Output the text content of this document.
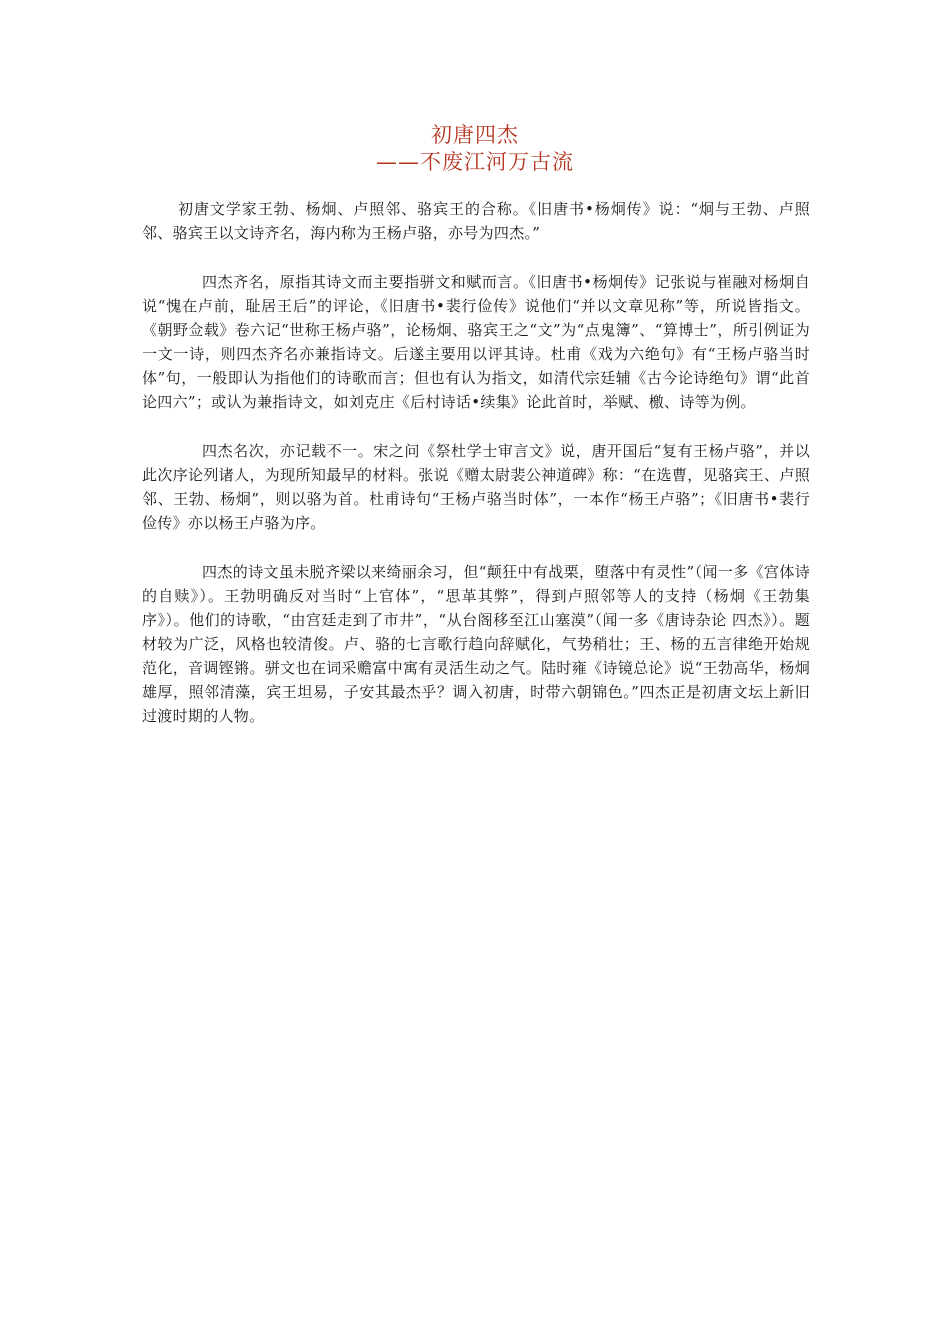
初唐四杰
——不废江河万古流

初唐文学家王勃、杨炯、卢照邻、骆宾王的合称。《旧唐书•杨炯传》说：“炯与王勃、卢照邻、骆宾王以文诗齐名，海内称为王杨卢骆，亦号为四杰。”

四杰齐名，原指其诗文而主要指骈文和赋而言。《旧唐书•杨炯传》记张说与崔融对杨炯自说“愧在卢前，耻居王后”的评论，《旧唐书•裴行俭传》说他们“并以文章见称”等，所说皆指文。《朝野佥载》卷六记“世称王杨卢骆”，论杨炯、骆宾王之“文”为“点鬼簿”、“算博士”，所引例证为一文一诗，则四杰齐名亦兼指诗文。后遂主要用以评其诗。杜甫《戏为六绝句》有“王杨卢骆当时体”句，一般即认为指他们的诗歌而言；但也有认为指文，如清代宗廷辅《古今论诗绝句》谓“此首论四六”；或认为兼指诗文，如刘克庄《后村诗话•续集》论此首时，举赋、檄、诗等为例。

四杰名次，亦记载不一。宋之问《祭杜学士审言文》说，唐开国后“复有王杨卢骆”，并以此次序论列诸人，为现所知最早的材料。张说《赠太尉裴公神道碑》称：“在选曹，见骆宾王、卢照邻、王勃、杨炯”，则以骆为首。杜甫诗句“王杨卢骆当时体”，一本作“杨王卢骆”；《旧唐书•裴行俭传》亦以杨王卢骆为序。

四杰的诗文虽未脱齐梁以来绮丽余习，但“颠狂中有战栗，堕落中有灵性”（闻一多《宫体诗的自赎》）。王勃明确反对当时“上官体”，“思革其弊”，得到卢照邻等人的支持（杨炯《王勃集序》）。他们的诗歌，“由宫廷走到了市井”，“从台阁移至江山塞漠”（闻一多《唐诗杂论 四杰》）。题材较为广泛，风格也较清俊。卢、骆的七言歌行趋向辞赋化，气势稍壮；王、杨的五言律绝开始规范化，音调铿锵。骈文也在词采赡富中寓有灵活生动之气。陆时雍《诗镜总论》说“王勃高华，杨炯雄厚，照邻清藻，宾王坦易，子安其最杰乎？调入初唐，时带六朝锦色。”四杰正是初唐文坛上新旧过渡时期的人物。
